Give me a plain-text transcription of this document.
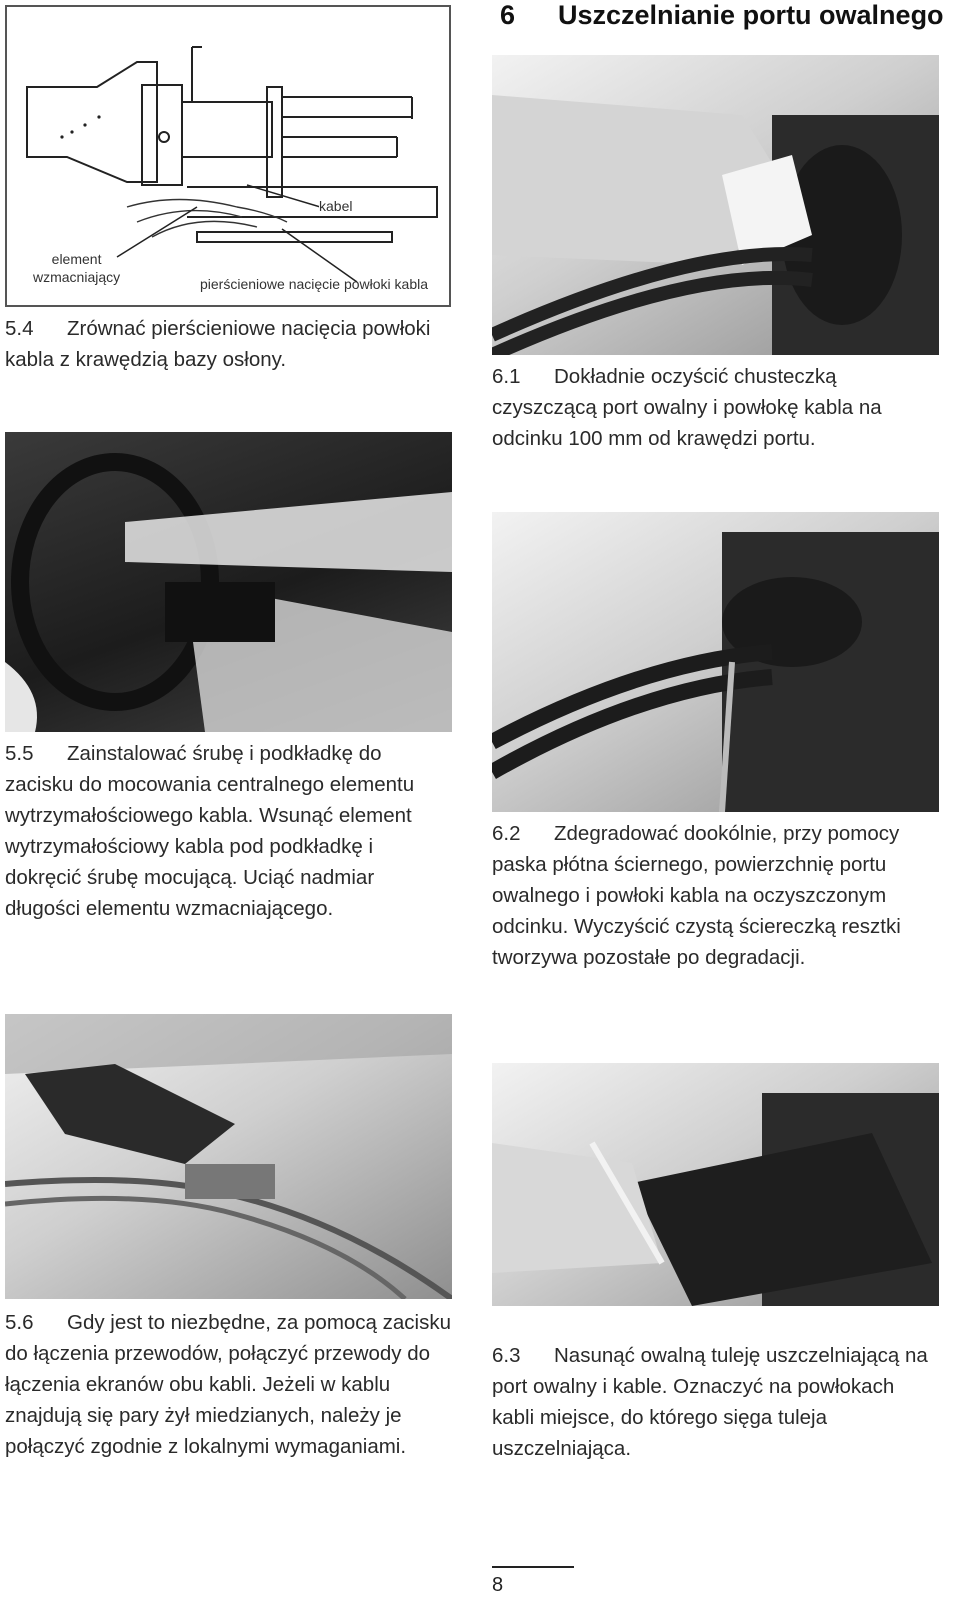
6 Uszczelnianie portu owalnego
kabel
element
wzmacniający	pierścieniowe nacięcie powłoki kabla
5.4 Zrównać pierścieniowe nacięcia powłoki kabla z krawędzią bazy osłony.
5.5 Zainstalować śrubę i podkładkę do zacisku do mocowania centralnego elementu wytrzymałościowego kabla. Wsunąć element wytrzymałościowy kabla pod podkładkę i dokręcić śrubę mocującą. Uciąć nadmiar długości elementu wzmacniającego.
5.6 Gdy jest to niezbędne, za pomocą zacisku do łączenia przewodów, połączyć przewody do łączenia ekranów obu kabli. Jeżeli w kablu znajdują się pary żył miedzianych, należy je połączyć zgodnie z lokalnymi wymaganiami.
6.1 Dokładnie oczyścić chusteczką czyszczącą port owalny i powłokę kabla na odcinku 100 mm od krawędzi portu.
6.2 Zdegradować dookólnie, przy pomocy paska płótna ściernego, powierzchnię portu owalnego i powłoki kabla na oczyszczonym odcinku. Wyczyścić czystą ściereczką resztki tworzywa pozostałe po degradacji.
6.3 Nasunąć owalną tuleję uszczelniającą na port owalny i kable. Oznaczyć na powłokach kabli miejsce, do którego sięga tuleja uszczelniająca.
8
